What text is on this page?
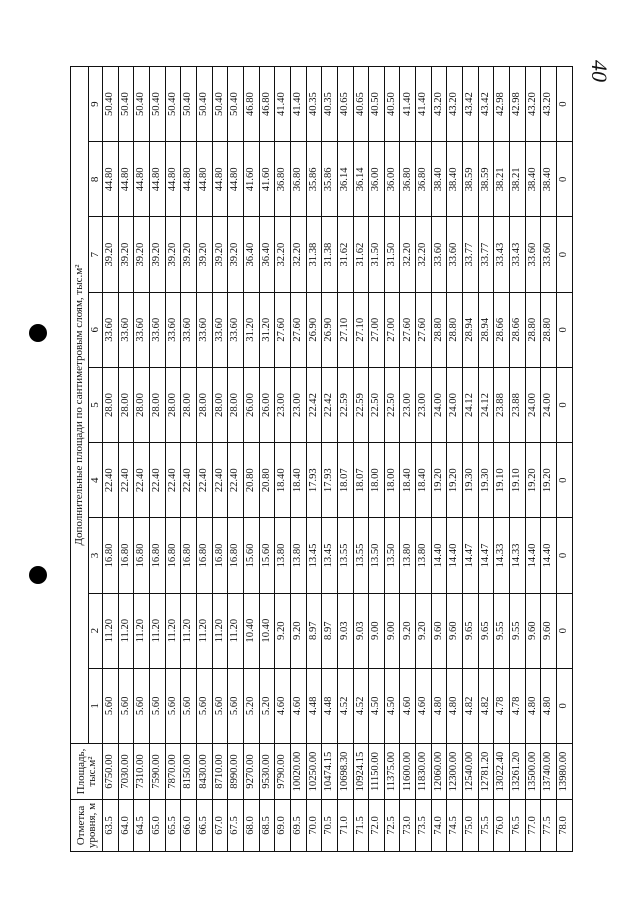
40
Отметка уровня, м	Площадь,
тыс.м²	Дополнительные площади по сантиметровым слоям, тыс.м²								
		1	2	3	4	5	6	7	8	9
63.5	6750.00	5.60	11.20	16.80	22.40	28.00	33.60	39.20	44.80	50.40
64.0	7030.00	5.60	11.20	16.80	22.40	28.00	33.60	39.20	44.80	50.40
64.5	7310.00	5.60	11.20	16.80	22.40	28.00	33.60	39.20	44.80	50.40
65.0	7590.00	5.60	11.20	16.80	22.40	28.00	33.60	39.20	44.80	50.40
65.5	7870.00	5.60	11.20	16.80	22.40	28.00	33.60	39.20	44.80	50.40
66.0	8150.00	5.60	11.20	16.80	22.40	28.00	33.60	39.20	44.80	50.40
66.5	8430.00	5.60	11.20	16.80	22.40	28.00	33.60	39.20	44.80	50.40
67.0	8710.00	5.60	11.20	16.80	22.40	28.00	33.60	39.20	44.80	50.40
67.5	8990.00	5.60	11.20	16.80	22.40	28.00	33.60	39.20	44.80	50.40
68.0	9270.00	5.20	10.40	15.60	20.80	26.00	31.20	36.40	41.60	46.80
68.5	9530.00	5.20	10.40	15.60	20.80	26.00	31.20	36.40	41.60	46.80
69.0	9790.00	4.60	9.20	13.80	18.40	23.00	27.60	32.20	36.80	41.40
69.5	10020.00	4.60	9.20	13.80	18.40	23.00	27.60	32.20	36.80	41.40
70.0	10250.00	4.48	8.97	13.45	17.93	22.42	26.90	31.38	35.86	40.35
70.5	10474.15	4.48	8.97	13.45	17.93	22.42	26.90	31.38	35.86	40.35
71.0	10698.30	4.52	9.03	13.55	18.07	22.59	27.10	31.62	36.14	40.65
71.5	10924.15	4.52	9.03	13.55	18.07	22.59	27.10	31.62	36.14	40.65
72.0	11150.00	4.50	9.00	13.50	18.00	22.50	27.00	31.50	36.00	40.50
72.5	11375.00	4.50	9.00	13.50	18.00	22.50	27.00	31.50	36.00	40.50
73.0	11600.00	4.60	9.20	13.80	18.40	23.00	27.60	32.20	36.80	41.40
73.5	11830.00	4.60	9.20	13.80	18.40	23.00	27.60	32.20	36.80	41.40
74.0	12060.00	4.80	9.60	14.40	19.20	24.00	28.80	33.60	38.40	43.20
74.5	12300.00	4.80	9.60	14.40	19.20	24.00	28.80	33.60	38.40	43.20
75.0	12540.00	4.82	9.65	14.47	19.30	24.12	28.94	33.77	38.59	43.42
75.5	12781.20	4.82	9.65	14.47	19.30	24.12	28.94	33.77	38.59	43.42
76.0	13022.40	4.78	9.55	14.33	19.10	23.88	28.66	33.43	38.21	42.98
76.5	13261.20	4.78	9.55	14.33	19.10	23.88	28.66	33.43	38.21	42.98
77.0	13500.00	4.80	9.60	14.40	19.20	24.00	28.80	33.60	38.40	43.20
77.5	13740.00	4.80	9.60	14.40	19.20	24.00	28.80	33.60	38.40	43.20
78.0	13980.00	0	0	0	0	0	0	0	0	0
